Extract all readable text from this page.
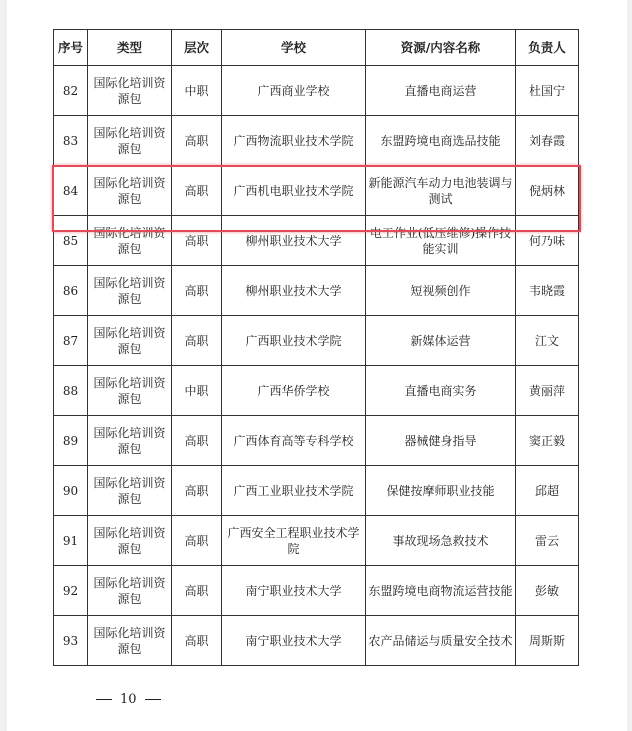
序号	类型	层次	学校	资源/内容名称	负责人
82	国际化培训资源包	中职	广西商业学校	直播电商运营	杜国宁
83	国际化培训资源包	高职	广西物流职业技术学院	东盟跨境电商选品技能	刘春霞
84	国际化培训资源包	高职	广西机电职业技术学院	新能源汽车动力电池装调与测试	倪炳林
85	国际化培训资源包	高职	柳州职业技术大学	电工作业(低压维修)操作技能实训	何乃味
86	国际化培训资源包	高职	柳州职业技术大学	短视频创作	韦晓霞
87	国际化培训资源包	高职	广西职业技术学院	新媒体运营	江文
88	国际化培训资源包	中职	广西华侨学校	直播电商实务	黄丽萍
89	国际化培训资源包	高职	广西体育高等专科学校	器械健身指导	窦正毅
90	国际化培训资源包	高职	广西工业职业技术学院	保健按摩师职业技能	邱超
91	国际化培训资源包	高职	广西安全工程职业技术学院	事故现场急救技术	雷云
92	国际化培训资源包	高职	南宁职业技术大学	东盟跨境电商物流运营技能	彭敏
93	国际化培训资源包	高职	南宁职业技术大学	农产品储运与质量安全技术	周斯斯
10
